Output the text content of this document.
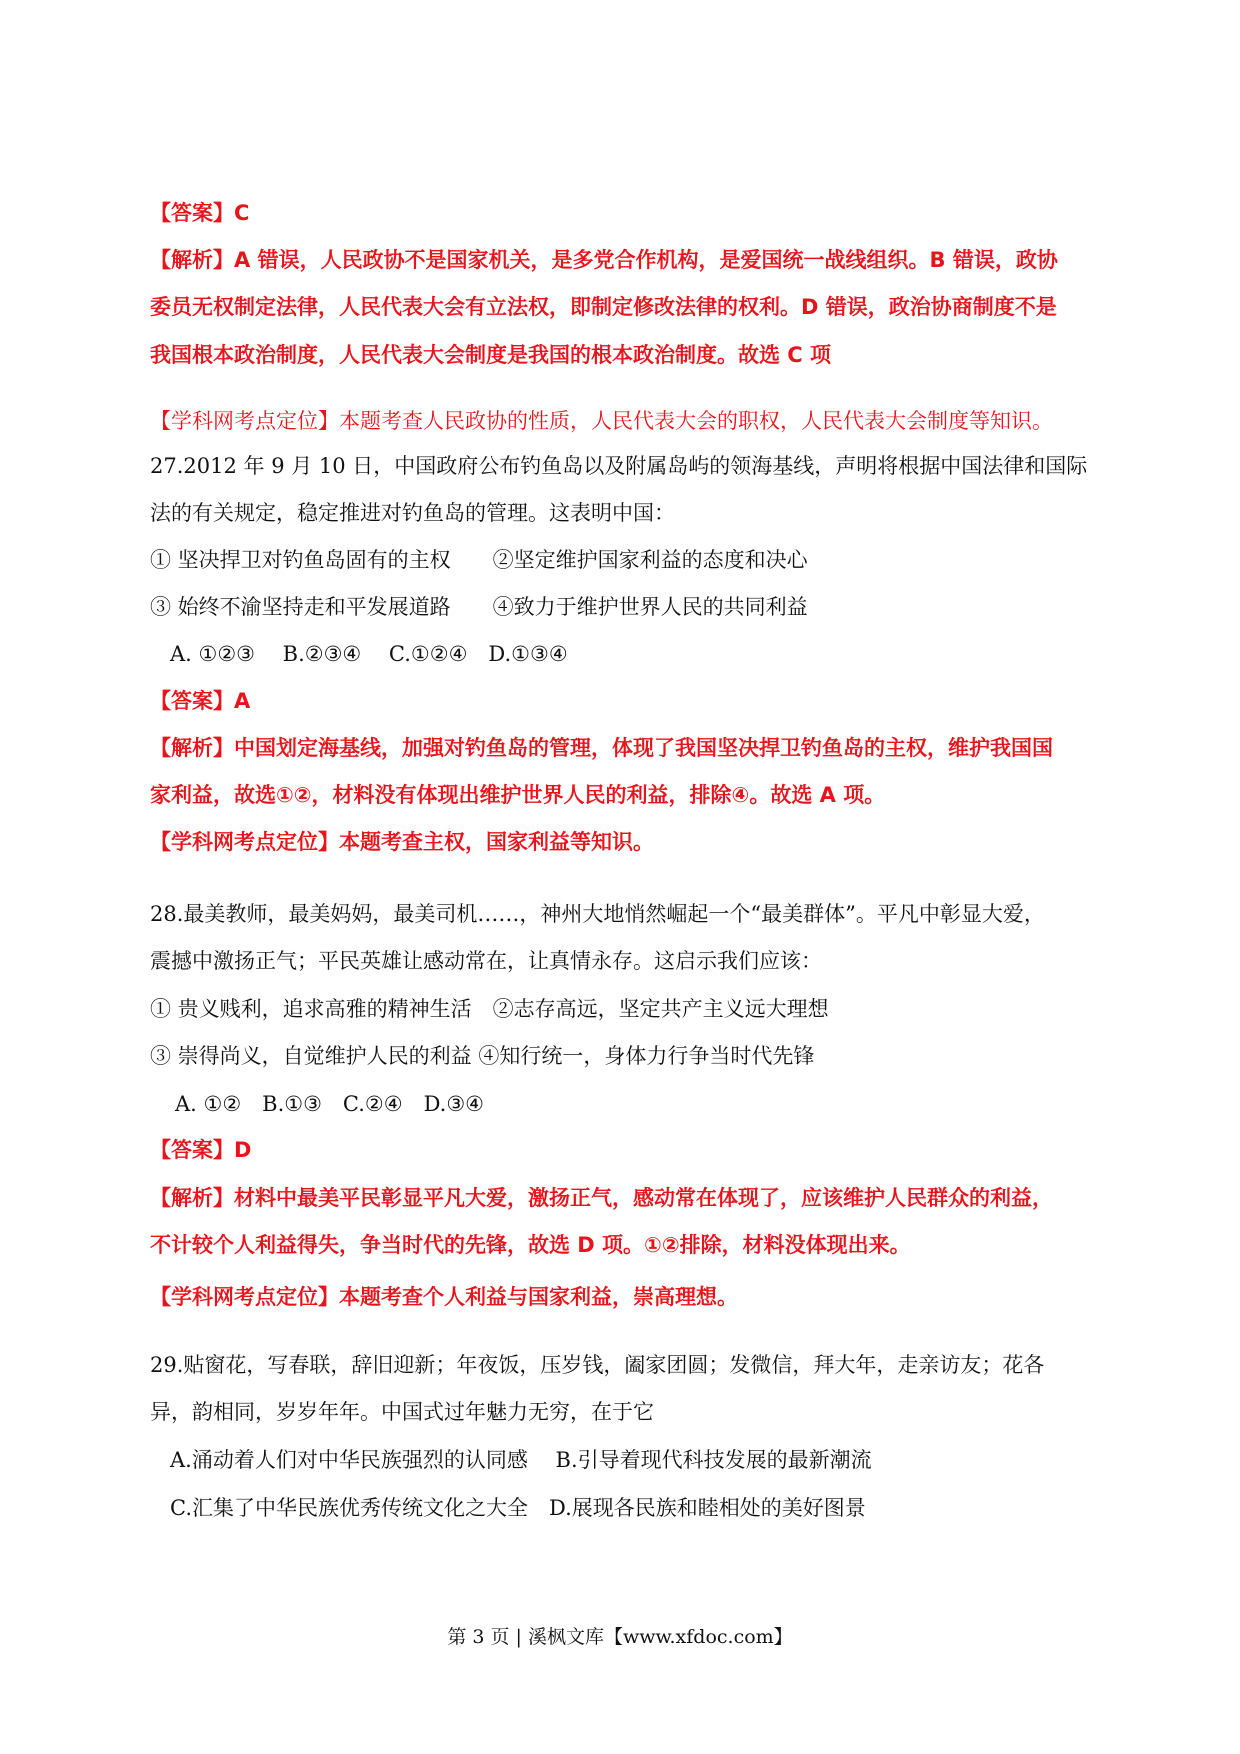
【答案】C
【解析】A 错误，人民政协不是国家机关，是多党合作机构，是爱国统一战线组织。B 错误，政协
委员无权制定法律，人民代表大会有立法权，即制定修改法律的权利。D 错误，政治协商制度不是
我国根本政治制度，人民代表大会制度是我国的根本政治制度。故选 C 项
【学科网考点定位】本题考查人民政协的性质，人民代表大会的职权，人民代表大会制度等知识。
27.2012 年 9 月 10 日，中国政府公布钓鱼岛以及附属岛屿的领海基线，声明将根据中国法律和国际
法的有关规定，稳定推进对钓鱼岛的管理。这表明中国：
① 坚决捍卫对钓鱼岛固有的主权　　②坚定维护国家利益的态度和决心
③ 始终不渝坚持走和平发展道路　　④致力于维护世界人民的共同利益
A. ①②③　 B.②③④　 C.①②④　D.①③④
【答案】A
【解析】中国划定海基线，加强对钓鱼岛的管理，体现了我国坚决捍卫钓鱼岛的主权，维护我国国
家利益，故选①②，材料没有体现出维护世界人民的利益，排除④。故选 A 项。
【学科网考点定位】本题考查主权，国家利益等知识。
28.最美教师，最美妈妈，最美司机……，神州大地悄然崛起一个“最美群体”。平凡中彰显大爱，
震撼中激扬正气；平民英雄让感动常在，让真情永存。这启示我们应该：
① 贵义贱利，追求高雅的精神生活　②志存高远，坚定共产主义远大理想
③ 崇得尚义，自觉维护人民的利益 ④知行统一，身体力行争当时代先锋
A. ①②　B.①③　C.②④　D.③④
【答案】D
【解析】材料中最美平民彰显平凡大爱，激扬正气，感动常在体现了，应该维护人民群众的利益，
不计较个人利益得失，争当时代的先锋，故选 D 项。①②排除，材料没体现出来。
【学科网考点定位】本题考查个人利益与国家利益，崇高理想。
29.贴窗花，写春联，辞旧迎新；年夜饭，压岁钱，阖家团圆；发微信，拜大年，走亲访友；花各
异，韵相同，岁岁年年。中国式过年魅力无穷，在于它
A.涌动着人们对中华民族强烈的认同感　 B.引导着现代科技发展的最新潮流
C.汇集了中华民族优秀传统文化之大全　D.展现各民族和睦相处的美好图景
第 3 页 | 溪枫文库【www.xfdoc.com】
